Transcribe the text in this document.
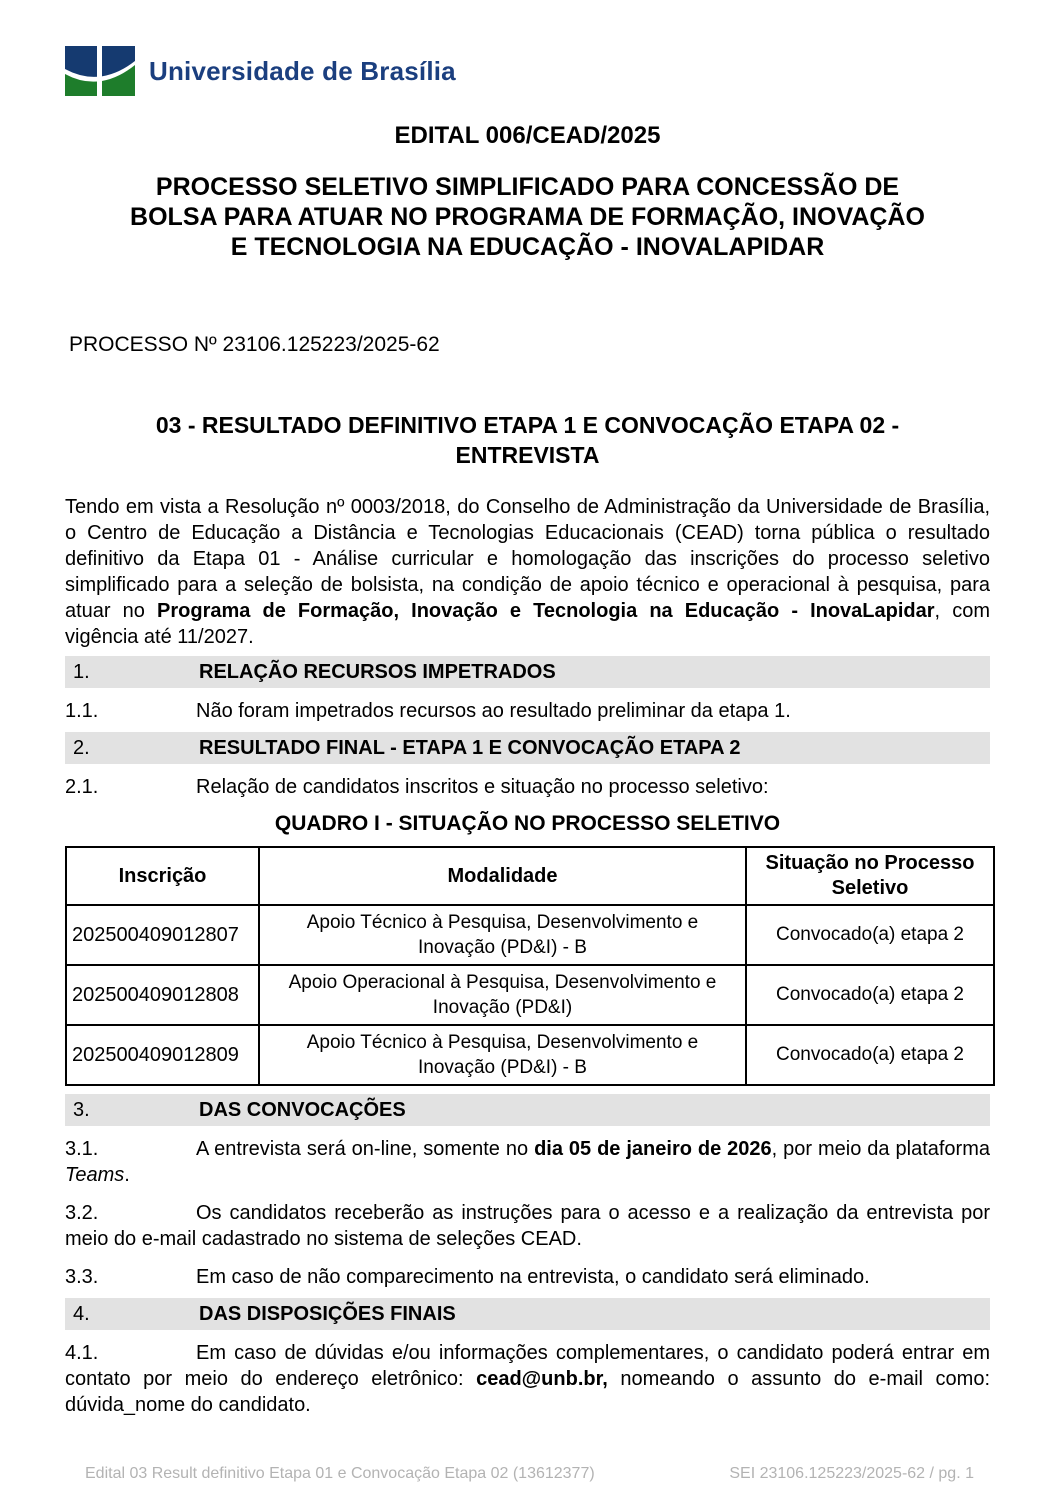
Universidade de Brasília
EDITAL 006/CEAD/2025
PROCESSO SELETIVO SIMPLIFICADO PARA CONCESSÃO DE BOLSA PARA ATUAR NO PROGRAMA DE FORMAÇÃO, INOVAÇÃO E TECNOLOGIA NA EDUCAÇÃO - INOVALAPIDAR

PROCESSO Nº 23106.125223/2025-62

03 - RESULTADO DEFINITIVO ETAPA 1 E CONVOCAÇÃO ETAPA 02 - ENTREVISTA

Tendo em vista a Resolução nº 0003/2018, do Conselho de Administração da Universidade de Brasília, o Centro de Educação a Distância e Tecnologias Educacionais (CEAD) torna pública o resultado definitivo da Etapa 01 - Análise curricular e homologação das inscrições do processo seletivo simplificado para a seleção de bolsista, na condição de apoio técnico e operacional à pesquisa, para atuar no Programa de Formação, Inovação e Tecnologia na Educação - InovaLapidar, com vigência até 11/2027.

1.	RELAÇÃO RECURSOS IMPETRADOS

1.1.	Não foram impetrados recursos ao resultado preliminar da etapa 1.

2.	RESULTADO FINAL - ETAPA 1 E CONVOCAÇÃO ETAPA 2

2.1.	Relação de candidatos inscritos e situação no processo seletivo:

QUADRO I - SITUAÇÃO NO PROCESSO SELETIVO

Inscrição	Modalidade	Situação no Processo Seletivo
202500409012807	Apoio Técnico à Pesquisa, Desenvolvimento e Inovação (PD&I) - B	Convocado(a) etapa 2
202500409012808	Apoio Operacional à Pesquisa, Desenvolvimento e Inovação (PD&I)	Convocado(a) etapa 2
202500409012809	Apoio Técnico à Pesquisa, Desenvolvimento e Inovação (PD&I) - B	Convocado(a) etapa 2
3.	DAS CONVOCAÇÕES

3.1.	A entrevista será on-line, somente no dia 05 de janeiro de 2026, por meio da plataforma Teams.

3.2.	Os candidatos receberão as instruções para o acesso e a realização da entrevista por meio do e-mail cadastrado no sistema de seleções CEAD.

3.3.	Em caso de não comparecimento na entrevista, o candidato será eliminado.

4.	DAS DISPOSIÇÕES FINAIS

4.1.	Em caso de dúvidas e/ou informações complementares, o candidato poderá entrar em contato por meio do endereço eletrônico: cead@unb.br, nomeando o assunto do e-mail como: dúvida_nome do candidato.

Edital 03 Result definitivo Etapa 01 e Convocação Etapa 02 (13612377)	SEI 23106.125223/2025-62 / pg. 1
